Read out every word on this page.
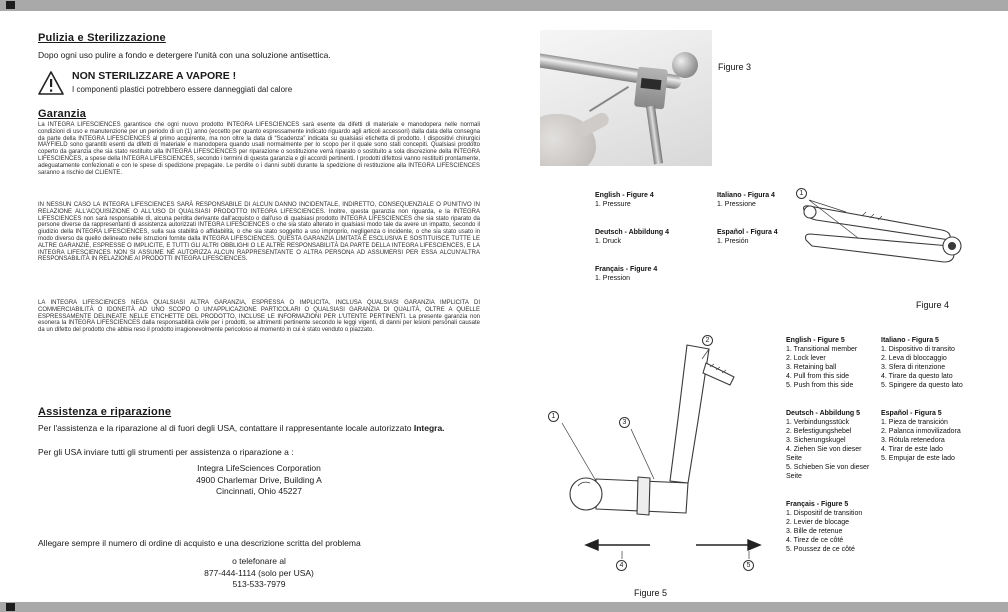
Pulizia e Sterilizzazione
Dopo ogni uso pulire a fondo e detergere l'unità con una soluzione antisettica.
NON STERILIZZARE A VAPORE !
I componenti plastici potrebbero essere danneggiati dal calore
Garanzia
La INTEGRA LIFESCIENCES garantisce che ogni nuovo prodotto INTEGRA LIFESCIENCES sarà esente da difetti di materiale e manodopera nelle normali condizioni di uso e manutenzione per un periodo di un (1) anno (eccetto per quanto espressamente indicato riguardo agli articoli accessori) dalla data della consegna da parte della INTEGRA LIFESCIENCES al primo acquirente, ma non oltre la data di “Scadenza” indicata su qualsiasi etichetta di prodotto. I dispositivi chirurgici MAYFIELD sono garantiti esenti da difetti di materiale e manodopera quando usati normalmente per lo scopo per il quale sono stati concepiti. Qualsiasi prodotto coperto da garanzia che sia stato restituito alla INTEGRA LIFESCIENCES per riparazione o sostituzione verrà riparato o sostituito a sola discrezione della INTEGRA LIFESCIENCES, a spese della INTEGRA LIFESCIENCES, secondo i termini di questa garanzia e gli accordi pertinenti. I prodotti difettosi vanno restituiti prontamente, adeguatamente confezionati e con le spese di spedizione prepagate. Le perdite o i danni subiti durante la spedizione di restituzione alla INTEGRA LIFESCIENCES saranno a rischio del CLIENTE.
IN NESSUN CASO LA INTEGRA LIFESCIENCES SARÀ RESPONSABILE DI ALCUN DANNO INCIDENTALE, INDIRETTO, CONSEQUENZIALE O PUNITIVO IN RELAZIONE ALL'ACQUISIZIONE O ALL'USO DI QUALSIASI PRODOTTO INTEGRA LIFESCIENCES. Inoltre, questa garanzia non riguarda, e la INTEGRA LIFESCIENCES non sarà responsabile di, alcuna perdita derivante dall'acquisto o dall'uso di qualsiasi prodotto INTEGRA LIFESCIENCES che sia stato riparato da persone diverse da rappresentanti di assistenza autorizzati INTEGRA LIFESCIENCES o che sia stato alterato in qualsiasi modo tale da avere un impatto, secondo il giudizio della INTEGRA LIFESCIENCES, sulla sua stabilità o affidabilità, o che sia stato soggetto a uso improprio, negligenza o incidente, o che sia stato usato in modo diverso da quello delineato nelle istruzioni fornite dalla INTEGRA LIFESCIENCES. QUESTA GARANZIA LIMITATA È ESCLUSIVA E SOSTITUISCE TUTTE LE ALTRE GARANZIE, ESPRESSE O IMPLICITE, E TUTTI GLI ALTRI OBBLIGHI O LE ALTRE RESPONSABILITÀ DA PARTE DELLA INTEGRA LIFESCIENCES, E LA INTEGRA LIFESCIENCES NON SI ASSUME NÉ AUTORIZZA ALCUN RAPPRESENTANTE O ALTRA PERSONA AD ASSUMERSI PER ESSA ALCUN'ALTRA RESPONSABILITÀ IN RELAZIONE AI PRODOTTI INTEGRA LIFESCIENCES.
LA INTEGRA LIFESCIENCES NEGA QUALSIASI ALTRA GARANZIA, ESPRESSA O IMPLICITA, INCLUSA QUALSIASI GARANZIA IMPLICITA DI COMMERCIABILITÀ O IDONEITÀ AD UNO SCOPO O UN'APPLICAZIONE PARTICOLARI O QUALSIASI GARANZIA DI QUALITÀ, OLTRE A QUELLE ESPRESSAMENTE DELINEATE NELLE ETICHETTE DEL PRODOTTO, INCLUSE LE INFORMAZIONI PER L'UTENTE PERTINENTI. La presente garanzia non esonera la INTEGRA LIFESCIENCES dalla responsabilità civile per i prodotti, se altrimenti pertinente secondo le leggi vigenti, di danni per lesioni personali causate da un difetto del prodotto che abbia reso il prodotto irragionevolmente pericoloso al momento in cui è stato venduto o piazzato.
Assistenza e riparazione
Per l'assistenza e la riparazione al di fuori degli USA, contattare il rappresentante locale autorizzato Integra.
Per gli USA inviare tutti gli strumenti per assistenza o riparazione a :
Integra LifeSciences Corporation
4900 Charlemar Drive, Building A
Cincinnati, Ohio 45227
Allegare sempre il numero di ordine di acquisto e una descrizione scritta del problema
o telefonare al
877-444-1114 (solo per USA)
513-533-7979
Figure 3
English - Figure 4
1. Pressure
Italiano - Figura 4
1. Pressione
Deutsch - Abbildung 4
1. Druck
Español - Figura 4
1. Presión
Français - Figure 4
1. Pression
1
Figure 4
1
2
3
4	5
Figure 5
English - Figure 5
1. Transitional member
2. Lock lever
3. Retaining ball
4. Pull from this side
5. Push from this side
Deutsch - Abbildung 5
1. Verbindungsstück
2. Befestigungshebel
3. Sicherungskugel
4. Ziehen Sie von dieser Seite
5. Schieben Sie von dieser Seite
Français - Figure 5
1. Dispositif de transition
2. Levier de blocage
3. Bille de retenue
4. Tirez de ce côté
5. Poussez de ce côté
Italiano - Figura 5
1. Dispositivo di transito
2. Leva di bloccaggio
3. Sfera di ritenzione
4. Tirare da questo lato
5. Spingere da questo lato
Español - Figura 5
1. Pieza de transición
2. Palanca inmovilizadora
3. Rótula retenedora
4. Tirar de este lado
5. Empujar de este lado
